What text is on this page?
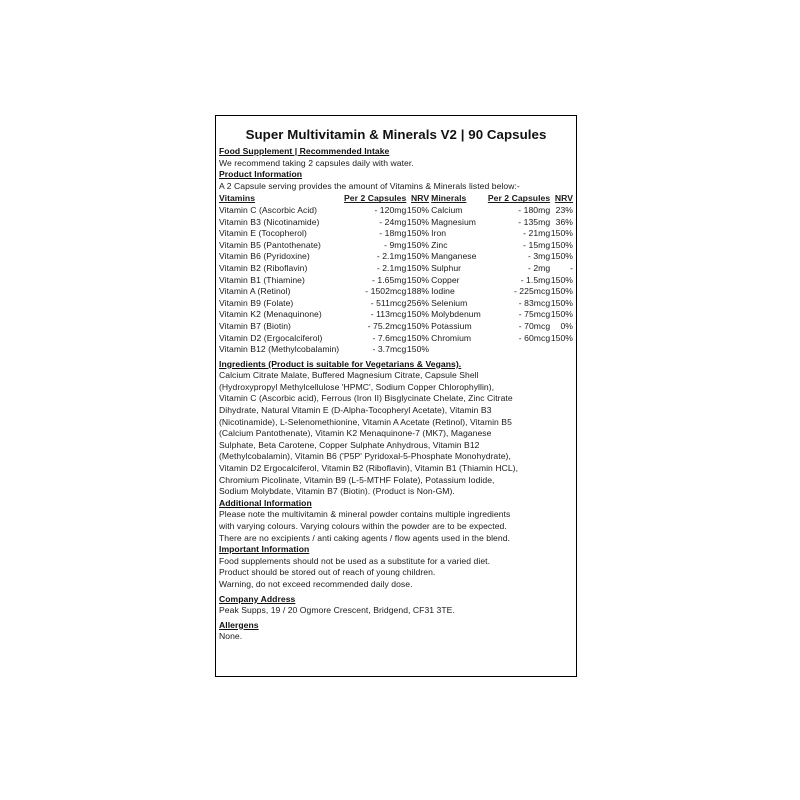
Super Multivitamin & Minerals V2 | 90 Capsules
Food Supplement | Recommended Intake

We recommend taking 2 capsules daily with water.

Product Information

A 2 Capsule serving provides the amount of Vitamins & Minerals listed below:-

Vitamins	Per 2 Capsules	NRV	Minerals	Per 2 Capsules	NRV
Vitamin C (Ascorbic Acid)	- 120mg	150%	Calcium	- 180mg	23%
Vitamin B3 (Nicotinamide)	- 24mg	150%	Magnesium	- 135mg	36%
Vitamin E (Tocopherol)	- 18mg	150%	Iron	- 21mg	150%
Vitamin B5 (Pantothenate)	- 9mg	150%	Zinc	- 15mg	150%
Vitamin B6 (Pyridoxine)	- 2.1mg	150%	Manganese	- 3mg	150%
Vitamin B2 (Riboflavin)	- 2.1mg	150%	Sulphur	- 2mg	-
Vitamin B1 (Thiamine)	- 1.65mg	150%	Copper	- 1.5mg	150%
Vitamin A (Retinol)	- 1502mcg	188%	Iodine	- 225mcg	150%
Vitamin B9 (Folate)	- 511mcg	256%	Selenium	- 83mcg	150%
Vitamin K2 (Menaquinone)	- 113mcg	150%	Molybdenum	- 75mcg	150%
Vitamin B7 (Biotin)	- 75.2mcg	150%	Potassium	- 70mcg	0%
Vitamin D2 (Ergocalciferol)	- 7.6mcg	150%	Chromium	- 60mcg	150%
Vitamin B12 (Methylcobalamin)	- 3.7mcg	150%			
Ingredients (Product is suitable for Vegetarians & Vegans).
Calcium Citrate Malate, Buffered Magnesium Citrate, Capsule Shell
(Hydroxypropyl Methylcellulose 'HPMC', Sodium Copper Chlorophyllin),
Vitamin C (Ascorbic acid), Ferrous (Iron II) Bisglycinate Chelate, Zinc Citrate
Dihydrate, Natural Vitamin E (D-Alpha-Tocopheryl Acetate), Vitamin B3
(Nicotinamide), L-Selenomethionine, Vitamin A Acetate (Retinol), Vitamin B5
(Calcium Pantothenate), Vitamin K2 Menaquinone-7 (MK7), Maganese
Sulphate, Beta Carotene, Copper Sulphate Anhydrous, Vitamin B12
(Methylcobalamin), Vitamin B6 ('P5P' Pyridoxal-5-Phosphate Monohydrate),
Vitamin D2 Ergocalciferol, Vitamin B2 (Riboflavin), Vitamin B1 (Thiamin HCL),
Chromium Picolinate, Vitamin B9 (L-5-MTHF Folate), Potassium Iodide,
Sodium Molybdate, Vitamin B7 (Biotin). (Product is Non-GM).
Additional Information
Please note the multivitamin & mineral powder contains multiple ingredients
with varying colours. Varying colours within the powder are to be expected.
There are no excipients / anti caking agents / flow agents used in the blend.
Important Information
Food supplements should not be used as a substitute for a varied diet.
Product should be stored out of reach of young children.
Warning, do not exceed recommended daily dose.
Company Address

Peak Supps, 19 / 20 Ogmore Crescent, Bridgend, CF31 3TE.

Allergens

None.
